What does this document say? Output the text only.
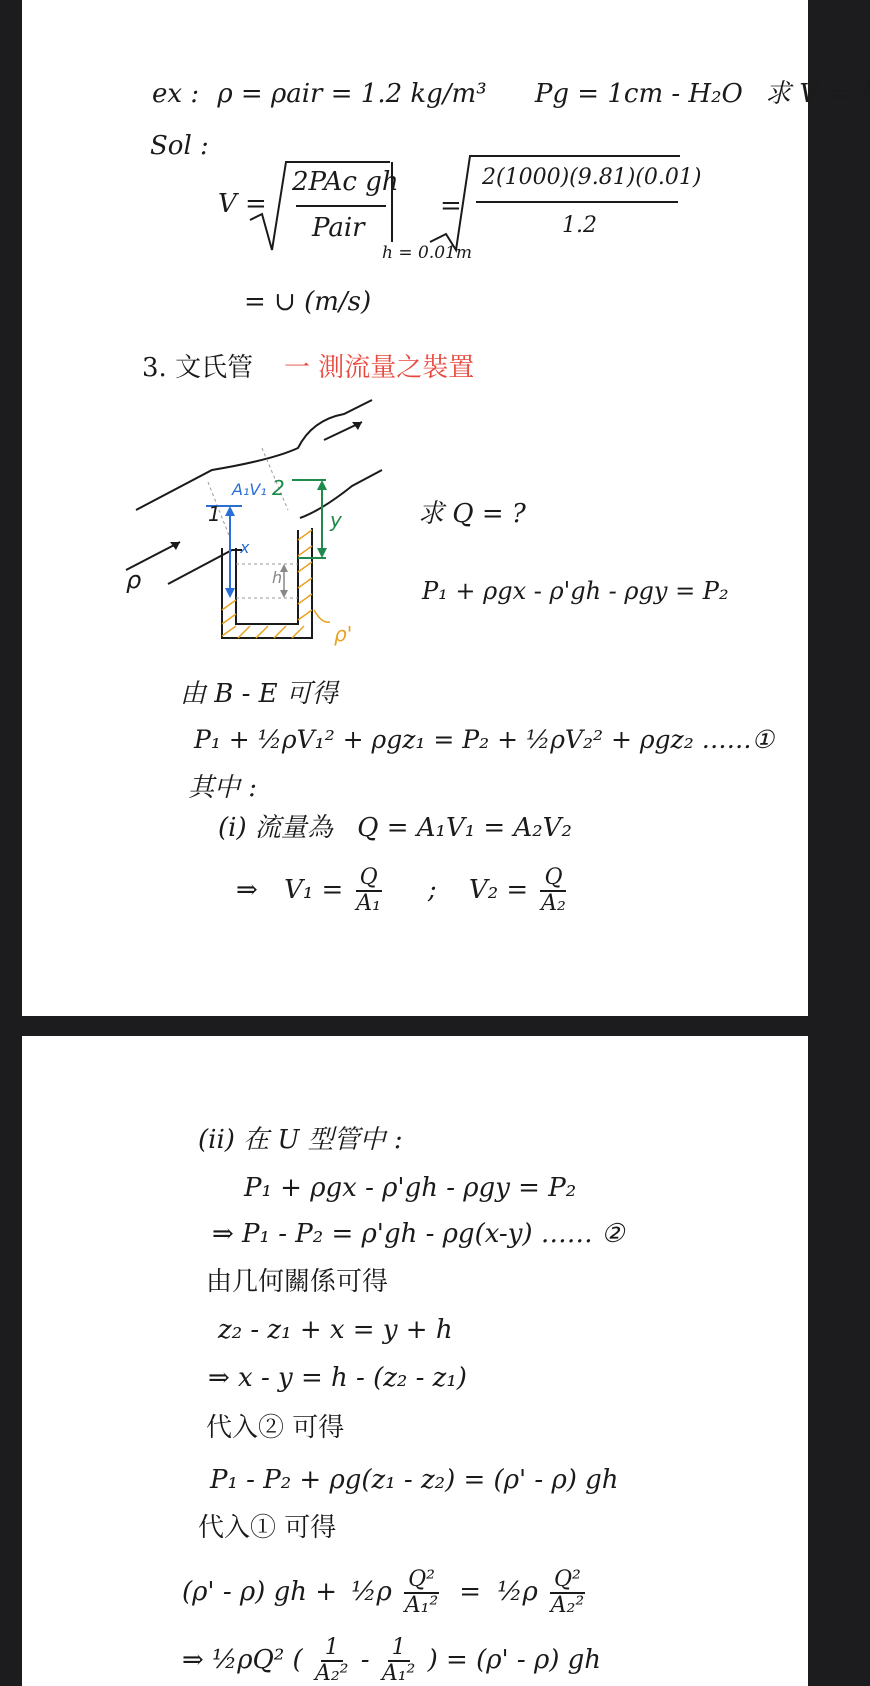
ex : ρ = ρair = 1.2 kg/m³ Pg = 1cm - H₂O 求 V = ?
Sol :
V =
2PAc gh
Pair
h = 0.01m
=
2(1000)(9.81)(0.01)
1.2
= ∪ (m/s)
3. 文氏管 一 測流量之裝置
A₁V₁
1
2
x
h
y
ρ
ρ'
求 Q = ?
P₁ + ρgx - ρ'gh - ρgy = P₂
由 B - E 可得
P₁ + ½ρV₁² + ρgz₁ = P₂ + ½ρV₂² + ρgz₂ ……①
其中 :
(i) 流量為 Q = A₁V₁ = A₂V₂
⇒ $V_1 = \frac{Q}{\text{A₁}}$ ; $V_2 = \frac{Q}{\text{A₂}}$
(ii) 在 U 型管中 :
P₁ + ρgx - ρ'gh - ρgy = P₂
⇒ P₁ - P₂ = ρ'gh - ρg(x-y) …… ②
由几何關係可得
z₂ - z₁ + x = y + h
⇒ x - y = h - (z₂ - z₁)
代入② 可得
P₁ - P₂ + ρg(z₁ - z₂) = (ρ' - ρ) gh
代入① 可得
(ρ' - ρ) gh + ½ρ $\frac{\text{Q²}}{\text{A₁²}}$ = ½ρ $\frac{\text{Q²}}{\text{A₂²}}$
⇒ ½ρQ² ( $\frac{1}{\text{A₂²}} - \frac{1}{\text{A₁²}}$ ) = (ρ' - ρ) gh
